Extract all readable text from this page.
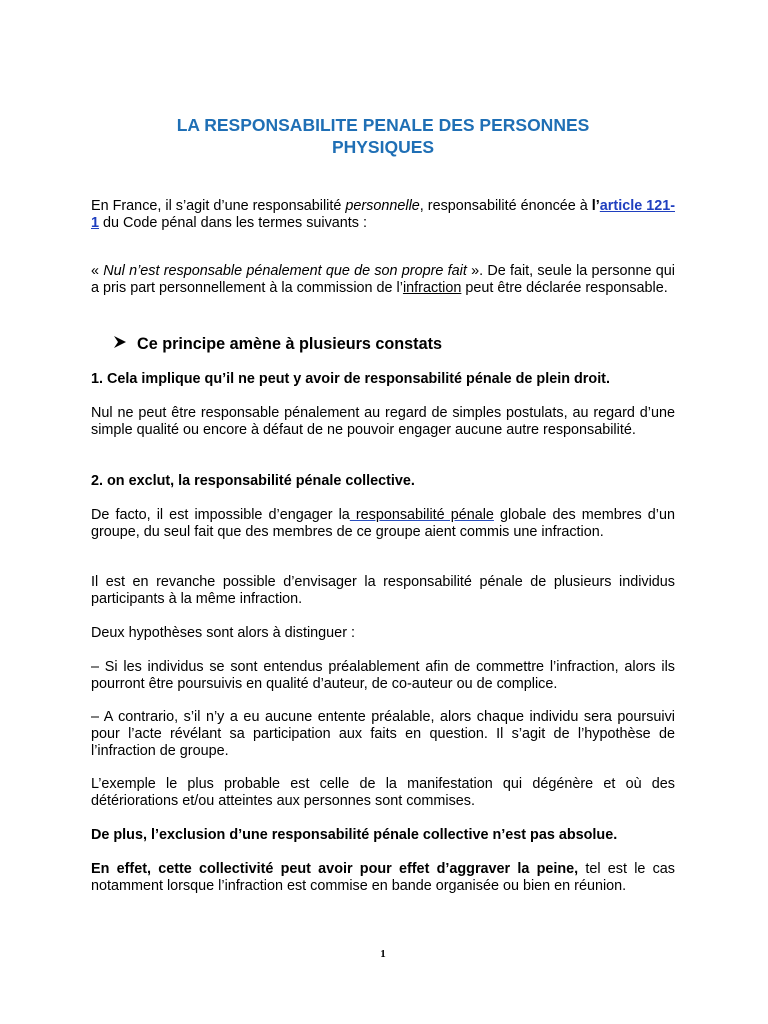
LA RESPONSABILITE PENALE DES PERSONNES
PHYSIQUES
En France, il s’agit d’une responsabilité personnelle, responsabilité énoncée à l’article 121-1 du Code pénal dans les termes suivants :
« Nul n’est responsable pénalement que de son propre fait ». De fait, seule la personne qui a pris part personnellement à la commission de l’infraction peut être déclarée responsable.
Ce principe amène à plusieurs constats
1. Cela implique qu’il ne peut y avoir de responsabilité pénale de plein droit.
Nul ne peut être responsable pénalement au regard de simples postulats, au regard d’une simple qualité ou encore à défaut de ne pouvoir engager aucune autre responsabilité.
2. on exclut, la responsabilité pénale collective.
De facto, il est impossible d’engager la responsabilité pénale globale des membres d’un groupe, du seul fait que des membres de ce groupe aient commis une infraction.
Il est en revanche possible d’envisager la responsabilité pénale de plusieurs individus participants à la même infraction.
Deux hypothèses sont alors à distinguer :
– Si les individus se sont entendus préalablement afin de commettre l’infraction, alors ils pourront être poursuivis en qualité d’auteur, de co-auteur ou de complice.
– A contrario, s’il n’y a eu aucune entente préalable, alors chaque individu sera poursuivi pour l’acte révélant sa participation aux faits en question. Il s’agit de l’hypothèse de l’infraction de groupe.
L’exemple le plus probable est celle de la manifestation qui dégénère et où des détériorations et/ou atteintes aux personnes sont commises.
De plus, l’exclusion d’une responsabilité pénale collective n’est pas absolue.
En effet, cette collectivité peut avoir pour effet d’aggraver la peine, tel est le cas notamment lorsque l’infraction est commise en bande organisée ou bien en réunion.
1
